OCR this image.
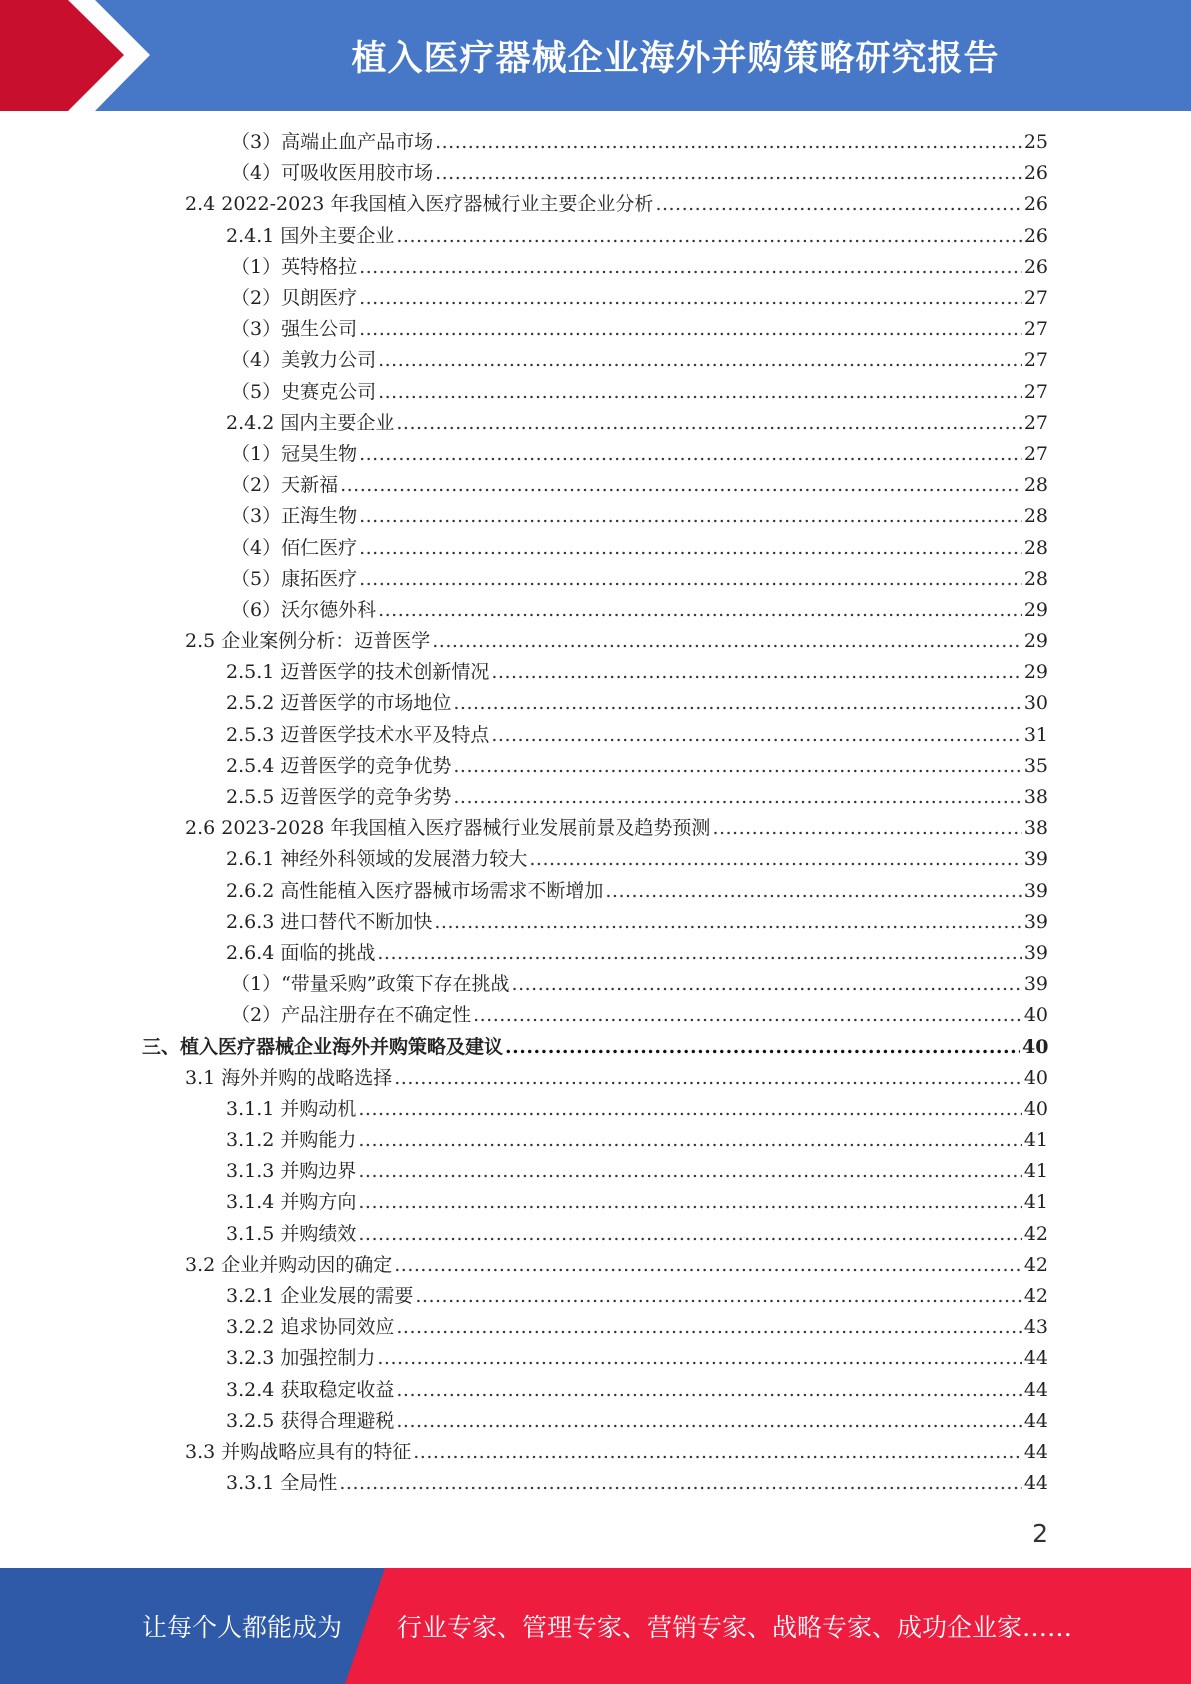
植入医疗器械企业海外并购策略研究报告
（3）高端止血产品市场 .....	25
（4）可吸收医用胶市场 .....	26
2.4 2022-2023 年我国植入医疗器械行业主要企业分析 .....	26
2.4.1 国外主要企业 .....	26
（1）英特格拉 .....	26
（2）贝朗医疗 .....	27
（3）强生公司 .....	27
（4）美敦力公司 .....	27
（5）史赛克公司 .....	27
2.4.2 国内主要企业 .....	27
（1）冠昊生物 .....	27
（2）天新福 .....	28
（3）正海生物 .....	28
（4）佰仁医疗 .....	28
（5）康拓医疗 .....	28
（6）沃尔德外科 .....	29
2.5 企业案例分析：迈普医学 .....	29
2.5.1 迈普医学的技术创新情况 .....	29
2.5.2 迈普医学的市场地位 .....	30
2.5.3 迈普医学技术水平及特点 .....	31
2.5.4 迈普医学的竞争优势 .....	35
2.5.5 迈普医学的竞争劣势 .....	38
2.6 2023-2028 年我国植入医疗器械行业发展前景及趋势预测 .....	38
2.6.1 神经外科领域的发展潜力较大 .....	39
2.6.2 高性能植入医疗器械市场需求不断增加 .....	39
2.6.3 进口替代不断加快 .....	39
2.6.4 面临的挑战 .....	39
（1）“带量采购”政策下存在挑战 .....	39
（2）产品注册存在不确定性 .....	40
三、植入医疗器械企业海外并购策略及建议 .....	40
3.1 海外并购的战略选择 .....	40
3.1.1 并购动机 .....	40
3.1.2 并购能力 .....	41
3.1.3 并购边界 .....	41
3.1.4 并购方向 .....	41
3.1.5 并购绩效 .....	42
3.2 企业并购动因的确定 .....	42
3.2.1 企业发展的需要 .....	42
3.2.2 追求协同效应 .....	43
3.2.3 加强控制力 .....	44
3.2.4 获取稳定收益 .....	44
3.2.5 获得合理避税 .....	44
3.3 并购战略应具有的特征 .....	44
3.3.1 全局性 .....	44
2
让每个人都能成为 行业专家、管理专家、营销专家、战略专家、成功企业家……
